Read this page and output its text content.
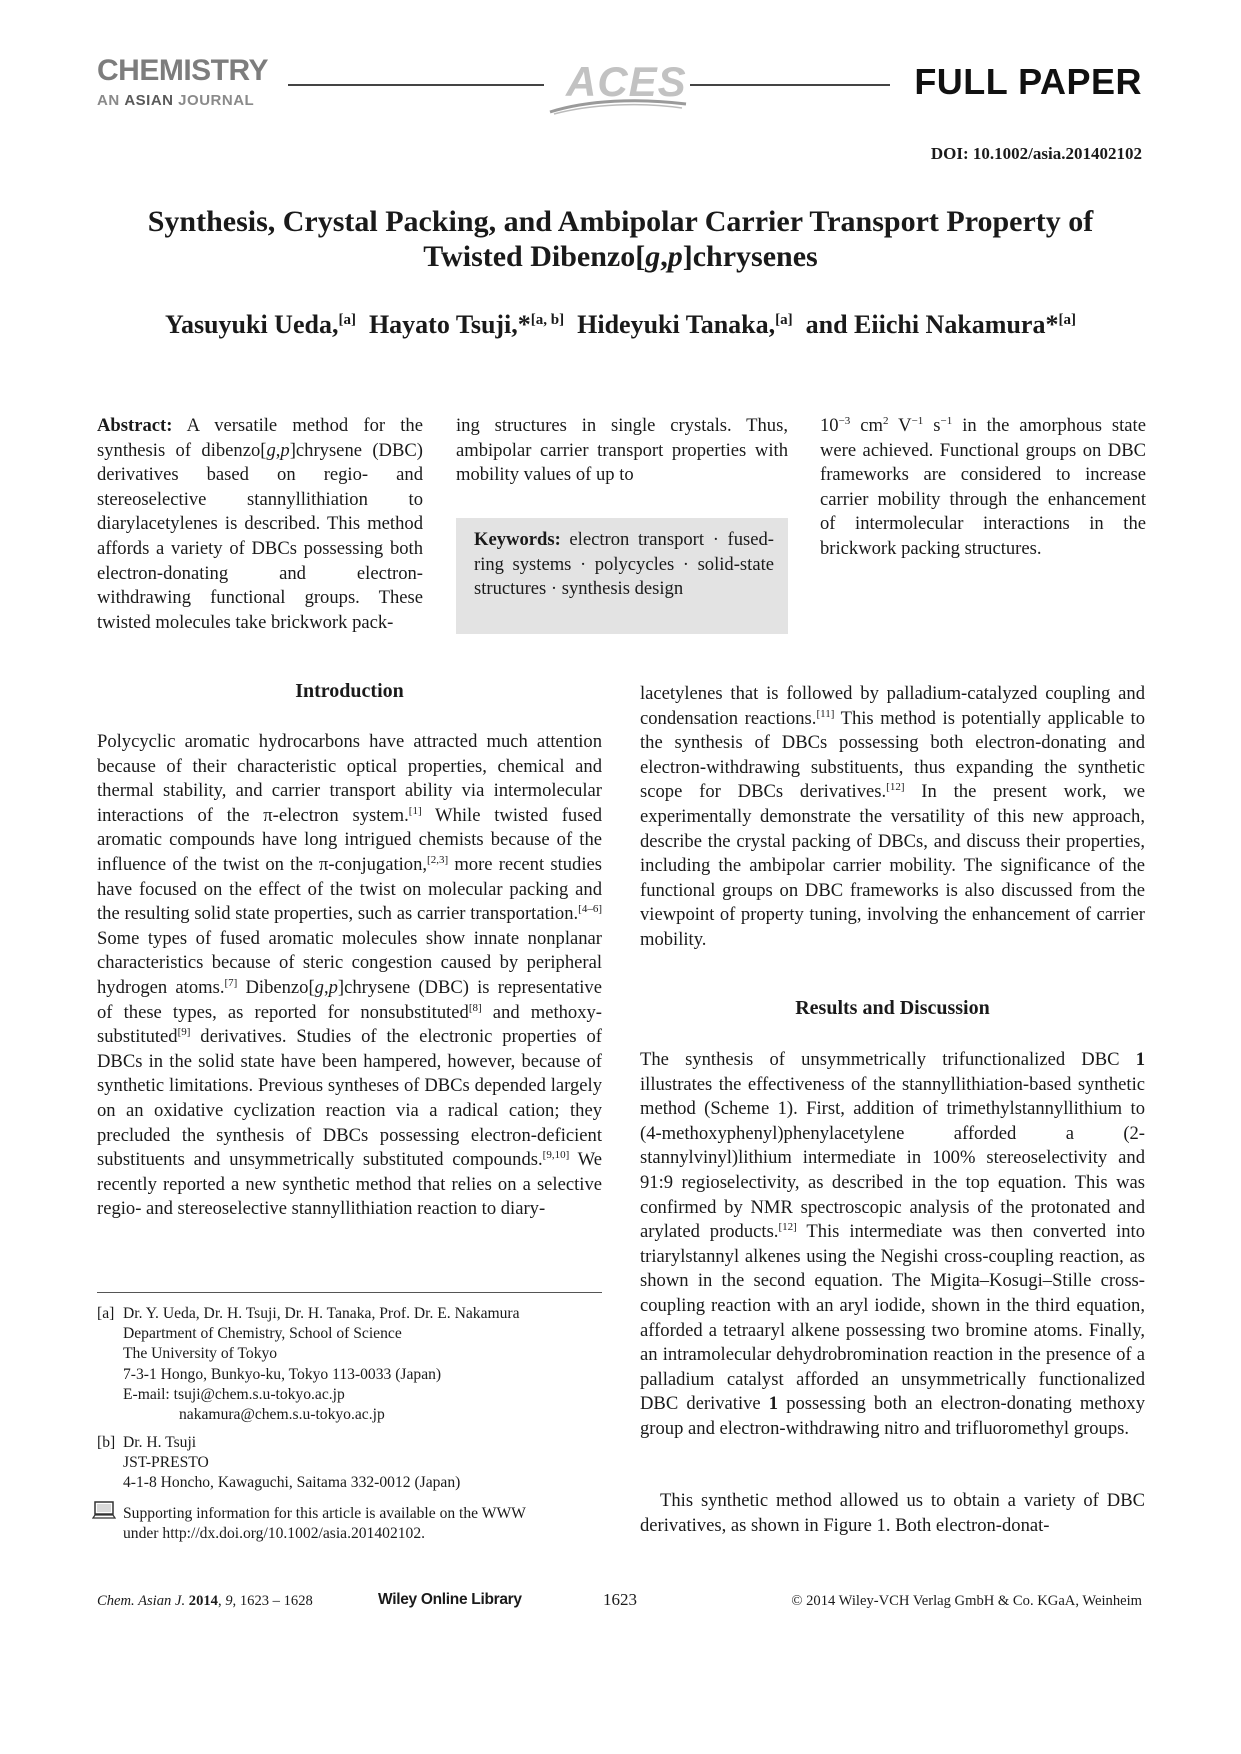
CHEMISTRY
AN ASIAN JOURNAL	ACES	FULL PAPER
DOI: 10.1002/asia.201402102
Synthesis, Crystal Packing, and Ambipolar Carrier Transport Property of
Twisted Dibenzo[g,p]chrysenes
Yasuyuki Ueda,[a] Hayato Tsuji,*[a, b] Hideyuki Tanaka,[a] and Eiichi Nakamura*[a]
Abstract: A versatile method for the synthesis of dibenzo[g,p]chrysene (DBC) derivatives based on regio- and stereoselective stannyllithiation to diarylacetylenes is described. This method affords a variety of DBCs possessing both electron-donating and electron-withdrawing functional groups. These twisted molecules take brickwork pack-
ing structures in single crystals. Thus, ambipolar carrier transport properties with mobility values of up to
Keywords: electron transport · fused-ring systems · polycycles · solid-state structures · synthesis design
$10^{-3}$ $cm^2$ $V^{-1}$ $s^{-1}$ in the amorphous state were achieved. Functional groups on DBC frameworks are considered to increase carrier mobility through the enhancement of intermolecular interactions in the brickwork packing structures.
Introduction
Polycyclic aromatic hydrocarbons have attracted much attention because of their characteristic optical properties, chemical and thermal stability, and carrier transport ability via intermolecular interactions of the π-electron system.[1] While twisted fused aromatic compounds have long intrigued chemists because of the influence of the twist on the π-conjugation,[2,3] more recent studies have focused on the effect of the twist on molecular packing and the resulting solid state properties, such as carrier transportation.[4–6] Some types of fused aromatic molecules show innate nonplanar characteristics because of steric congestion caused by peripheral hydrogen atoms.[7] Dibenzo[g,p]chrysene (DBC) is representative of these types, as reported for nonsubstituted[8] and methoxy-substituted[9] derivatives. Studies of the electronic properties of DBCs in the solid state have been hampered, however, because of synthetic limitations. Previous syntheses of DBCs depended largely on an oxidative cyclization reaction via a radical cation; they precluded the synthesis of DBCs possessing electron-deficient substituents and unsymmetrically substituted compounds.[9,10] We recently reported a new synthetic method that relies on a selective regio- and stereoselective stannyllithiation reaction to diary-
lacetylenes that is followed by palladium-catalyzed coupling and condensation reactions.[11] This method is potentially applicable to the synthesis of DBCs possessing both electron-donating and electron-withdrawing substituents, thus expanding the synthetic scope for DBCs derivatives.[12] In the present work, we experimentally demonstrate the versatility of this new approach, describe the crystal packing of DBCs, and discuss their properties, including the ambipolar carrier mobility. The significance of the functional groups on DBC frameworks is also discussed from the viewpoint of property tuning, involving the enhancement of carrier mobility.
Results and Discussion
The synthesis of unsymmetrically trifunctionalized DBC 1 illustrates the effectiveness of the stannyllithiation-based synthetic method (Scheme 1). First, addition of trimethylstannyllithium to (4-methoxyphenyl)phenylacetylene afforded a (2-stannylvinyl)lithium intermediate in 100% stereoselectivity and 91:9 regioselectivity, as described in the top equation. This was confirmed by NMR spectroscopic analysis of the protonated and arylated products.[12] This intermediate was then converted into triarylstannyl alkenes using the Negishi cross-coupling reaction, as shown in the second equation. The Migita–Kosugi–Stille cross-coupling reaction with an aryl iodide, shown in the third equation, afforded a tetraaryl alkene possessing two bromine atoms. Finally, an intramolecular dehydrobromination reaction in the presence of a palladium catalyst afforded an unsymmetrically functionalized DBC derivative 1 possessing both an electron-donating methoxy group and electron-withdrawing nitro and trifluoromethyl groups.
This synthetic method allowed us to obtain a variety of DBC derivatives, as shown in Figure 1. Both electron-donat-
[a] Dr. Y. Ueda, Dr. H. Tsuji, Dr. H. Tanaka, Prof. Dr. E. Nakamura
Department of Chemistry, School of Science
The University of Tokyo
7-3-1 Hongo, Bunkyo-ku, Tokyo 113-0033 (Japan)
E-mail: tsuji@chem.s.u-tokyo.ac.jp
nakamura@chem.s.u-tokyo.ac.jp
[b] Dr. H. Tsuji
JST-PRESTO
4-1-8 Honcho, Kawaguchi, Saitama 332-0012 (Japan)
Supporting information for this article is available on the WWW
under http://dx.doi.org/10.1002/asia.201402102.
Chem. Asian J. 2014, 9, 1623 – 1628	Wiley Online Library	1623	© 2014 Wiley-VCH Verlag GmbH & Co. KGaA, Weinheim
